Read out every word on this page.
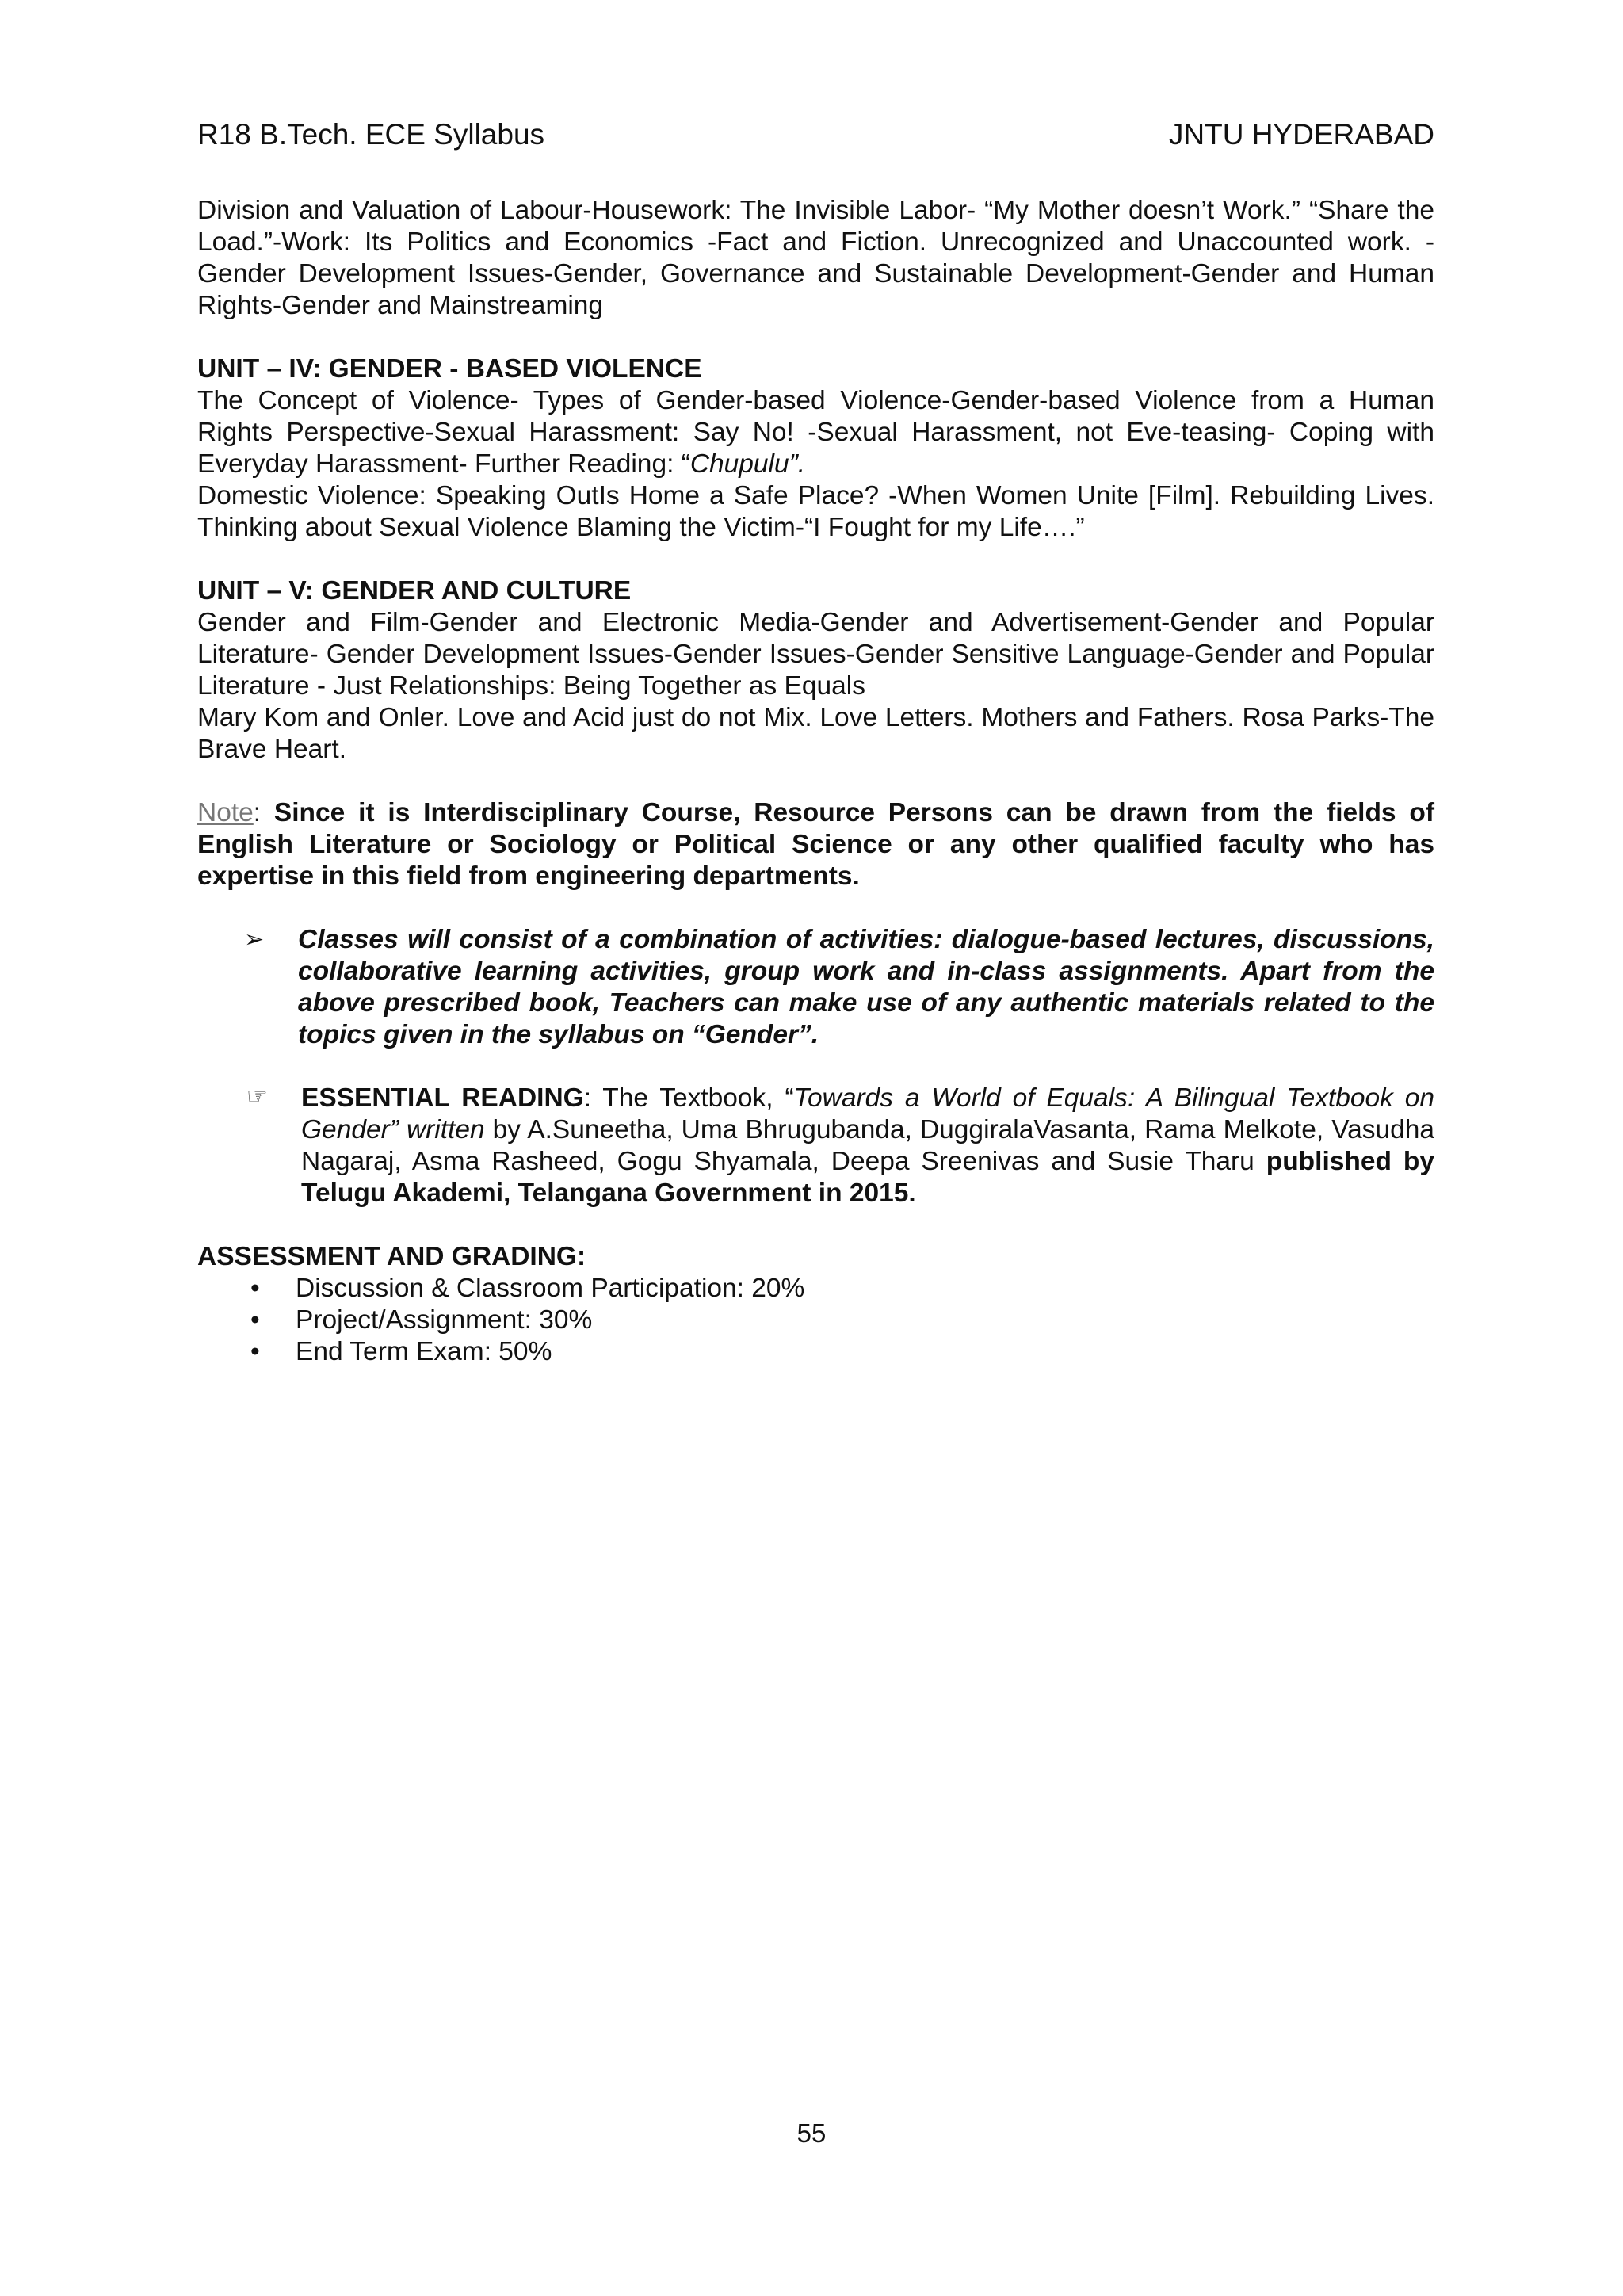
R18 B.Tech. ECE Syllabus	JNTU HYDERABAD

Division and Valuation of Labour-Housework: The Invisible Labor- “My Mother doesn’t Work.” “Share the Load.”-Work: Its Politics and Economics -Fact and Fiction. Unrecognized and Unaccounted work. - Gender Development Issues-Gender, Governance and Sustainable Development-Gender and Human Rights-Gender and Mainstreaming

UNIT – IV: GENDER - BASED VIOLENCE

The Concept of Violence- Types of Gender-based Violence-Gender-based Violence from a Human Rights Perspective-Sexual Harassment: Say No! -Sexual Harassment, not Eve-teasing- Coping with Everyday Harassment- Further Reading: “Chupulu”.

Domestic Violence: Speaking OutIs Home a Safe Place? -When Women Unite [Film]. Rebuilding Lives. Thinking about Sexual Violence Blaming the Victim-“I Fought for my Life….”

UNIT – V: GENDER AND CULTURE

Gender and Film-Gender and Electronic Media-Gender and Advertisement-Gender and Popular Literature- Gender Development Issues-Gender Issues-Gender Sensitive Language-Gender and Popular Literature - Just Relationships: Being Together as Equals

Mary Kom and Onler. Love and Acid just do not Mix. Love Letters. Mothers and Fathers. Rosa Parks-The Brave Heart.

Note: Since it is Interdisciplinary Course, Resource Persons can be drawn from the fields of English Literature or Sociology or Political Science or any other qualified faculty who has expertise in this field from engineering departments.

➢ Classes will consist of a combination of activities: dialogue-based lectures, discussions, collaborative learning activities, group work and in-class assignments. Apart from the above prescribed book, Teachers can make use of any authentic materials related to the topics given in the syllabus on “Gender”.

☞ ESSENTIAL READING: The Textbook, “Towards a World of Equals: A Bilingual Textbook on Gender” written by A.Suneetha, Uma Bhrugubanda, DuggiralaVasanta, Rama Melkote, Vasudha Nagaraj, Asma Rasheed, Gogu Shyamala, Deepa Sreenivas and Susie Tharu published by Telugu Akademi, Telangana Government in 2015.

ASSESSMENT AND GRADING:

• Discussion & Classroom Participation: 20%
• Project/Assignment: 30%
• End Term Exam: 50%
55
